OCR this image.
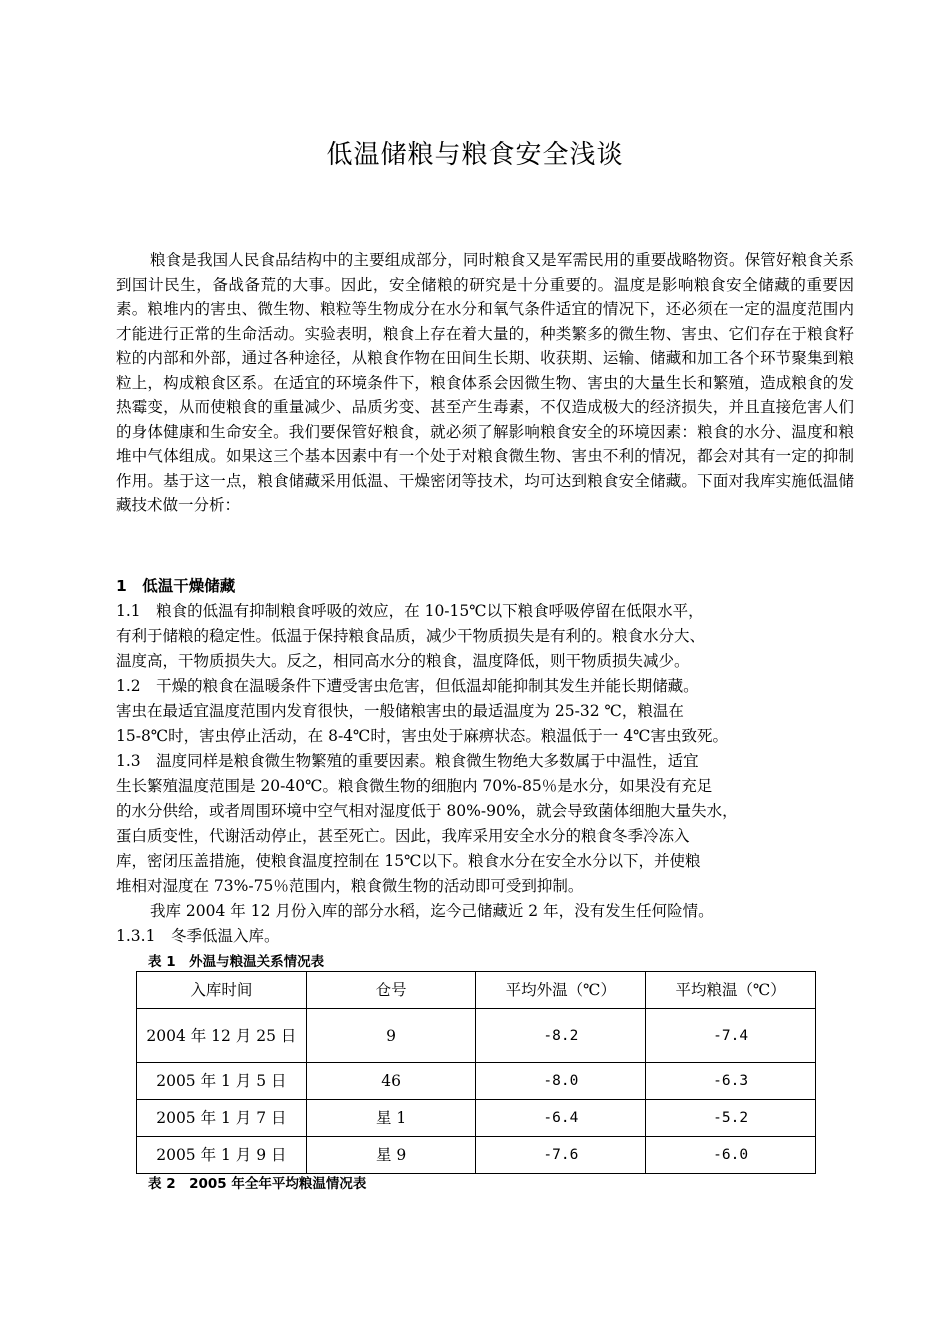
低温储粮与粮食安全浅谈
粮食是我国人民食品结构中的主要组成部分，同时粮食又是军需民用的重要战略物资。保管好粮食关系到国计民生，备战备荒的大事。因此，安全储粮的研究是十分重要的。温度是影响粮食安全储藏的重要因素。粮堆内的害虫、微生物、粮粒等生物成分在水分和氧气条件适宜的情况下，还必须在一定的温度范围内才能进行正常的生命活动。实验表明，粮食上存在着大量的，种类繁多的微生物、害虫、它们存在于粮食籽粒的内部和外部，通过各种途径，从粮食作物在田间生长期、收获期、运输、储藏和加工各个环节聚集到粮粒上，构成粮食区系。在适宜的环境条件下，粮食体系会因微生物、害虫的大量生长和繁殖，造成粮食的发热霉变，从而使粮食的重量减少、品质劣变、甚至产生毒素，不仅造成极大的经济损失，并且直接危害人们的身体健康和生命安全。我们要保管好粮食，就必须了解影响粮食安全的环境因素：粮食的水分、温度和粮堆中气体组成。如果这三个基本因素中有一个处于对粮食微生物、害虫不利的情况，都会对其有一定的抑制作用。基于这一点，粮食储藏采用低温、干燥密闭等技术，均可达到粮食安全储藏。下面对我库实施低温储藏技术做一分析：
1　低温干燥储藏
1.1　粮食的低温有抑制粮食呼吸的效应，在 10-15℃以下粮食呼吸停留在低限水平，
有利于储粮的稳定性。低温于保持粮食品质，减少干物质损失是有利的。粮食水分大、
温度高，干物质损失大。反之，相同高水分的粮食，温度降低，则干物质损失减少。
1.2　干燥的粮食在温暖条件下遭受害虫危害，但低温却能抑制其发生并能长期储藏。
害虫在最适宜温度范围内发育很快，一般储粮害虫的最适温度为 25-32 ℃，粮温在
15-8℃时，害虫停止活动，在 8-4℃时，害虫处于麻痹状态。粮温低于一 4℃害虫致死。
1.3　温度同样是粮食微生物繁殖的重要因素。粮食微生物绝大多数属于中温性，适宜
生长繁殖温度范围是 20-40℃。粮食微生物的细胞内 70%-85％是水分，如果没有充足
的水分供给，或者周围环境中空气相对湿度低于 80%-90%，就会导致菌体细胞大量失水，
蛋白质变性，代谢活动停止，甚至死亡。因此，我库采用安全水分的粮食冬季冷冻入
库，密闭压盖措施，使粮食温度控制在 15℃以下。粮食水分在安全水分以下，并使粮
堆相对湿度在 73%-75％范围内，粮食微生物的活动即可受到抑制。
我库 2004 年 12 月份入库的部分水稻，迄今己储藏近 2 年，没有发生任何险情。
1.3.1　冬季低温入库。
表 1　外温与粮温关系情况表
入库时间	仓号	平均外温（℃）	平均粮温（℃）
2004 年 12 月 25 日	9	-8.2	-7.4
2005 年 1 月 5 日	46	-8.0	-6.3
2005 年 1 月 7 日	星 1	-6.4	-5.2
2005 年 1 月 9 日	星 9	-7.6	-6.0
表 2　2005 年全年平均粮温情况表
